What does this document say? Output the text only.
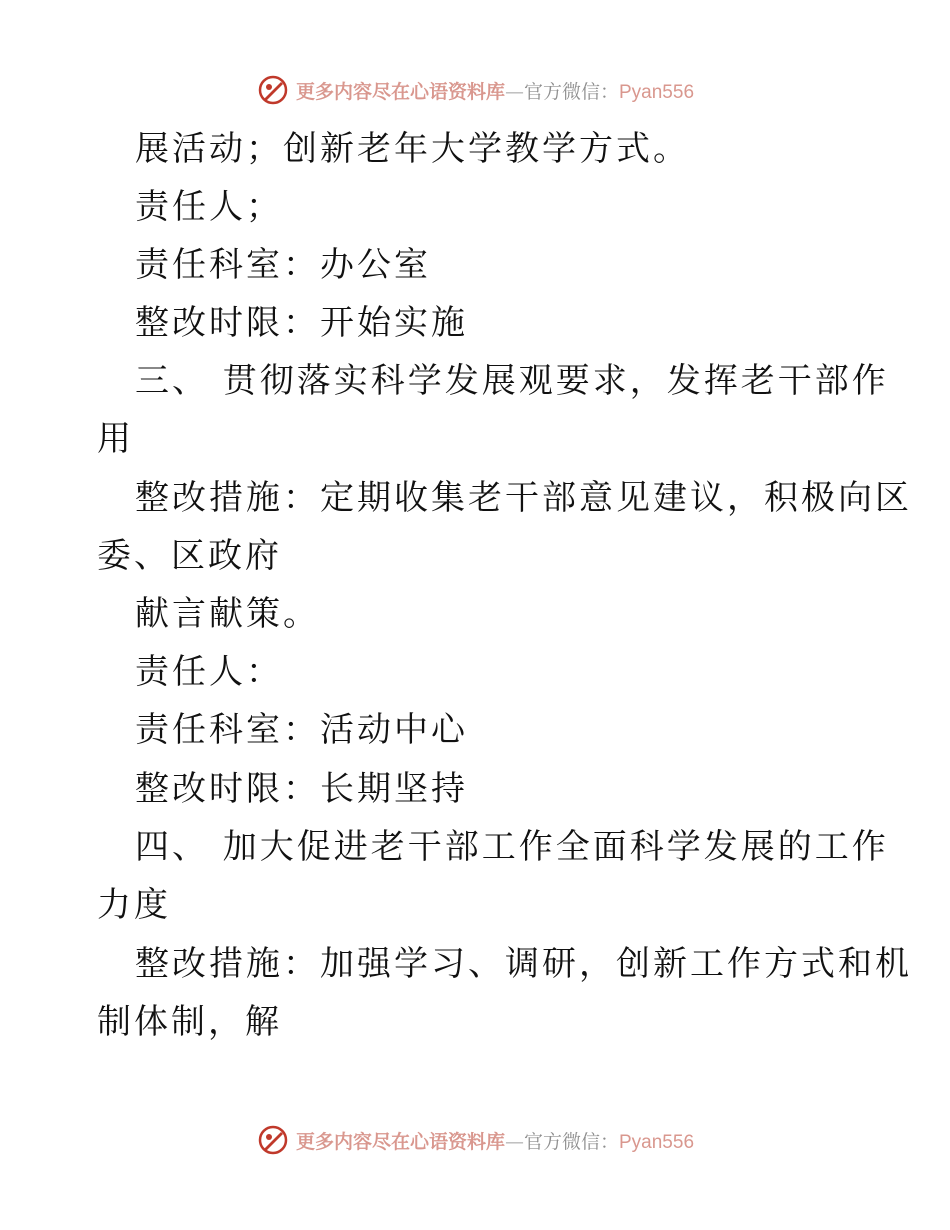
更多内容尽在心语资料库—官方微信：Pyan556
展活动；创新老年大学教学方式。
责任人；
责任科室：办公室
整改时限：开始实施
三、 贯彻落实科学发展观要求，发挥老干部作
用
整改措施：定期收集老干部意见建议，积极向区
委、区政府
献言献策。
责任人：
责任科室：活动中心
整改时限：长期坚持
四、 加大促进老干部工作全面科学发展的工作
力度
整改措施：加强学习、调研，创新工作方式和机
制体制，解
更多内容尽在心语资料库—官方微信：Pyan556
